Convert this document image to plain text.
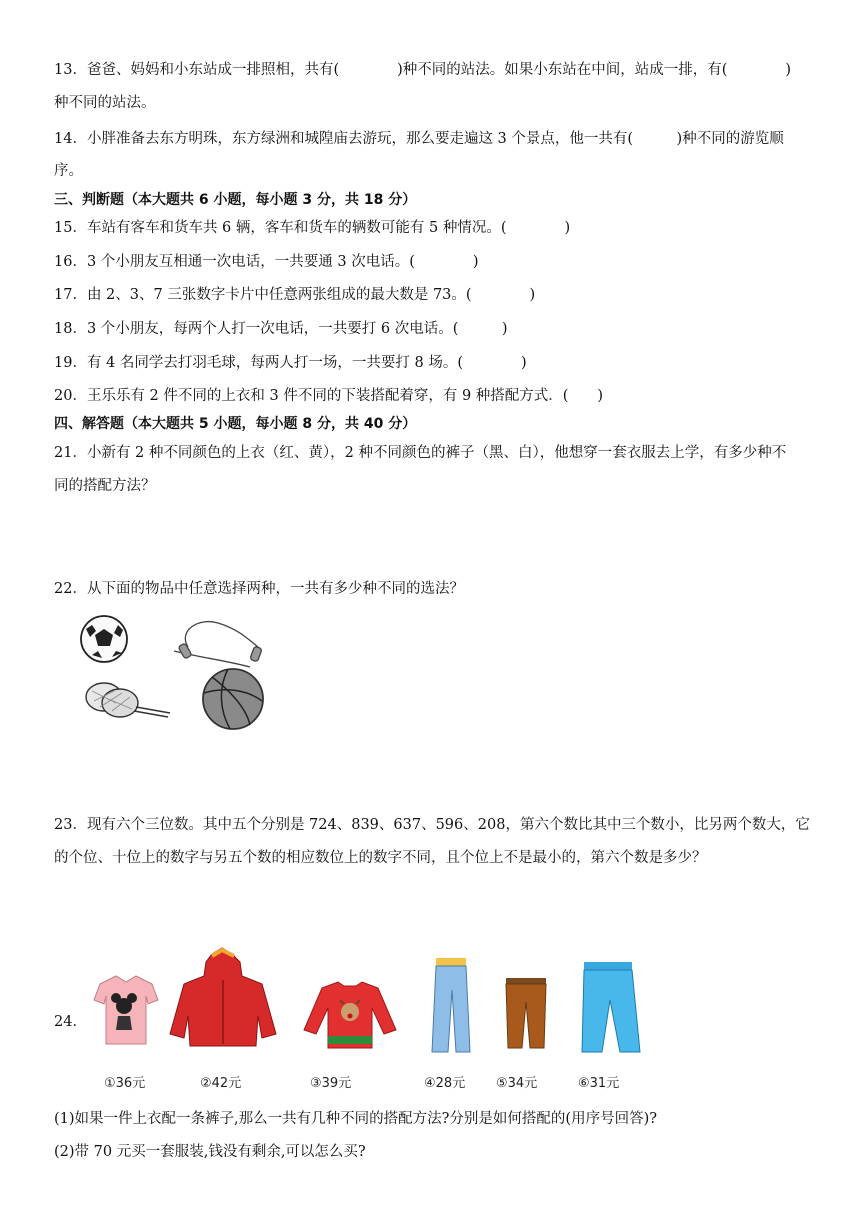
13．爸爸、妈妈和小东站成一排照相，共有(　　　　)种不同的站法。如果小东站在中间，站成一排，有(　　　　)
种不同的站法。
14．小胖准备去东方明珠，东方绿洲和城隍庙去游玩，那么要走遍这 3 个景点，他一共有(　　　)种不同的游览顺
序。
三、判断题（本大题共 6 小题，每小题 3 分，共 18 分）
15．车站有客车和货车共 6 辆，客车和货车的辆数可能有 5 种情况。(　　　　)
16．3 个小朋友互相通一次电话，一共要通 3 次电话。(　　　　)
17．由 2、3、7 三张数字卡片中任意两张组成的最大数是 73。(　　　　)
18．3 个小朋友，每两个人打一次电话，一共要打 6 次电话。(　　　)
19．有 4 名同学去打羽毛球，每两人打一场，一共要打 8 场。(　　　　)
20．王乐乐有 2 件不同的上衣和 3 件不同的下装搭配着穿，有 9 种搭配方式．(　　)
四、解答题（本大题共 5 小题，每小题 8 分，共 40 分）
21．小新有 2 种不同颜色的上衣（红、黄），2 种不同颜色的裤子（黑、白），他想穿一套衣服去上学，有多少种不
同的搭配方法？
22．从下面的物品中任意选择两种，一共有多少种不同的选法？
23．现有六个三位数。其中五个分别是 724、839、637、596、208，第六个数比其中三个数小，比另两个数大，它
的个位、十位上的数字与另五个数的相应数位上的数字不同，且个位上不是最小的，第六个数是多少？
24．
①36元	②42元	③39元	④28元 ⑤34元	⑥31元
(1)如果一件上衣配一条裤子,那么一共有几种不同的搭配方法?分别是如何搭配的(用序号回答)?
(2)带 70 元买一套服装,钱没有剩余,可以怎么买?
